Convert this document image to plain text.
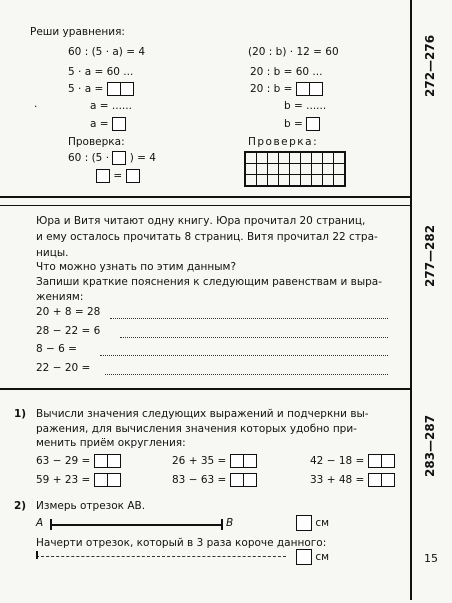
Реши уравнения:
60 : (5 · a) = 4
5 · a = 60 ...
5 · a =
.	a = ......
a =
Проверка:
60 : (5 · ) = 4
=
(20 : b) · 12 = 60
20 : b = 60 ...
20 : b =
b = ......
b =
Проверка:
272—276
Юра и Витя читают одну книгу. Юра прочитал 20 страниц,
и ему осталось прочитать 8 страниц. Витя прочитал 22 стра-
ницы.
Что можно узнать по этим данным?
Запиши краткие пояснения к следующим равенствам и выра-
жениям:
20 + 8 = 28
28 − 22 = 6
8 − 6 =
22 − 20 =
277—282
1) Вычисли значения следующих выражений и подчеркни вы-
ражения, для вычисления значения которых удобно при-
менить приём округления:
63 − 29 =	26 + 35 =	42 − 18 =
59 + 23 =	83 − 63 =	33 + 48 =
2) Измерь отрезок AB.
A	B	см
Начерти отрезок, который в 3 раза короче данного:
см
283—287
15
